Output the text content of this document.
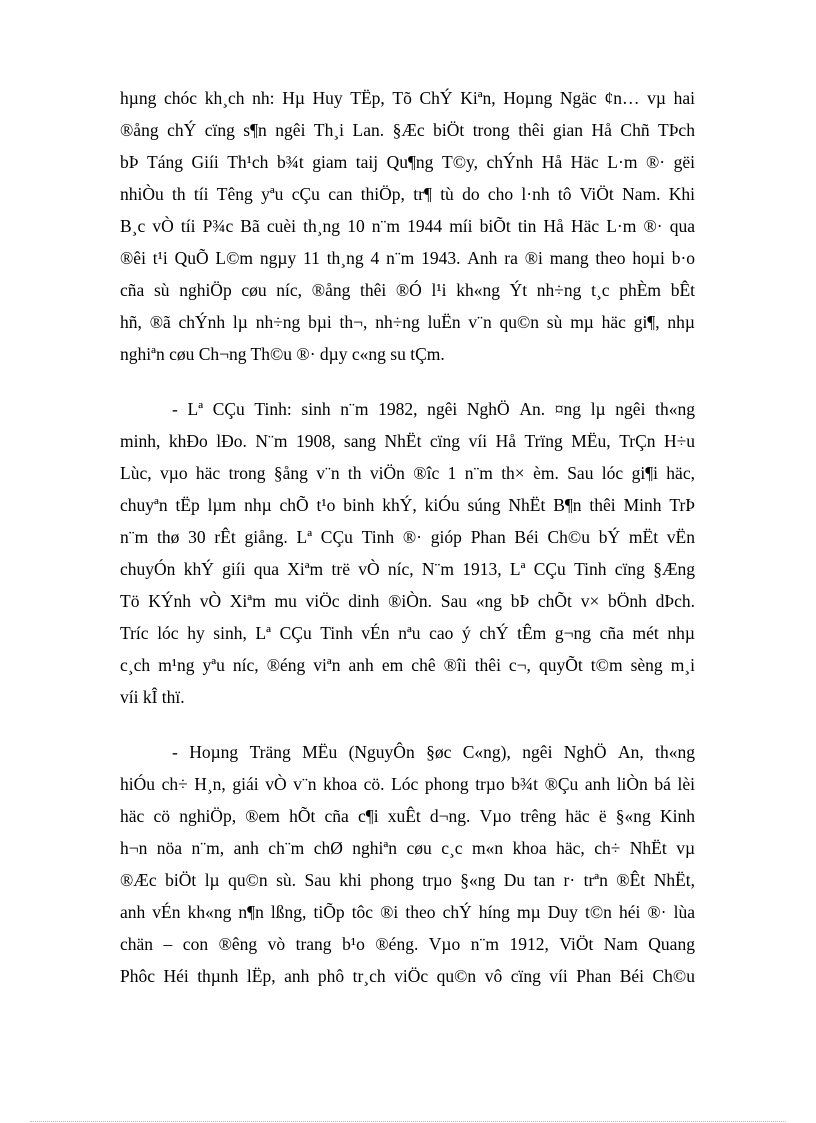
hµng chóc kh¸ch nh: Hµ Huy TËp, Tõ ChÝ Kiªn, Hoµng Ngäc ¢n… vµ hai
®ång chÝ cïng s¶n ngêi Th¸i Lan. §Æc biÖt trong thêi gian Hå Chñ TÞch
bÞ Táng Giíi Th¹ch b¾t giam taij Qu¶ng T©y, chÝnh Hå Häc L·m ®· gëi
nhiÒu th tíi Têng yªu cÇu can thiÖp, tr¶ tù do cho l·nh tô ViÖt Nam. Khi
B¸c vÒ tíi P¾c Bã cuèi th¸ng 10 n¨m 1944 míi biÕt tin Hå Häc L·m ®· qua
®êi t¹i QuÕ L©m ngµy 11 th¸ng 4 n¨m 1943. Anh ra ®i mang theo hoµi b·o
cña sù nghiÖp cøu níc, ®ång thêi ®Ó l¹i kh«ng Ýt nh÷ng t¸c phÈm bÊt
hñ, ®ã chÝnh lµ nh÷ng bµi th¬, nh÷ng luËn v¨n qu©n sù mµ häc gi¶, nhµ
nghiªn cøu Ch¬ng Th©u ®· dµy c«ng su tÇm.
- Lª CÇu Tinh: sinh n¨m 1982, ngêi NghÖ An. ¤ng lµ ngêi th«ng
minh, khÐo lÐo. N¨m 1908, sang NhËt cïng víi Hå Trïng MËu, TrÇn H÷u
Lùc, vµo häc trong §ång v¨n th viÖn ®îc 1 n¨m th× èm. Sau lóc gi¶i häc,
chuyªn tËp lµm nhµ chÕ t¹o binh khÝ, kiÓu súng NhËt B¶n thêi Minh TrÞ
n¨m thø 30 rÊt giång. Lª CÇu Tinh ®· gióp Phan Béi Ch©u bÝ mËt vËn
chuyÓn khÝ giíi qua Xiªm trë vÒ níc, N¨m 1913, Lª CÇu Tinh cïng §Æng
Tö KÝnh vÒ Xiªm mu viÖc dinh ®iÒn. Sau «ng bÞ chÕt v× bÖnh dÞch.
Tríc lóc hy sinh, Lª CÇu Tinh vÉn nªu cao ý chÝ tÊm g¬ng cña mét nhµ
c¸ch m¹ng yªu níc, ®éng viªn anh em chê ®îi thêi c¬, quyÕt t©m sèng m¸i
víi kÎ thï.
- Hoµng Träng MËu (NguyÔn §øc C«ng), ngêi NghÖ An, th«ng
hiÓu ch÷ H¸n, giái vÒ v¨n khoa cö. Lóc phong trµo b¾t ®Çu anh liÒn bá lèi
häc cö nghiÖp, ®em hÕt cña c¶i xuÊt d¬ng. Vµo trêng häc ë §«ng Kinh
h¬n nöa n¨m, anh ch¨m chØ nghiªn cøu c¸c m«n khoa häc, ch÷ NhËt vµ
®Æc biÖt lµ qu©n sù. Sau khi phong trµo §«ng Du tan r· trªn ®Êt NhËt,
anh vÉn kh«ng n¶n lßng, tiÕp tôc ®i theo chÝ híng mµ Duy t©n héi ®· lùa
chän – con ®êng vò trang b¹o ®éng. Vµo n¨m 1912, ViÖt Nam Quang
Phôc Héi thµnh lËp, anh phô tr¸ch viÖc qu©n vô cïng víi Phan Béi Ch©u
